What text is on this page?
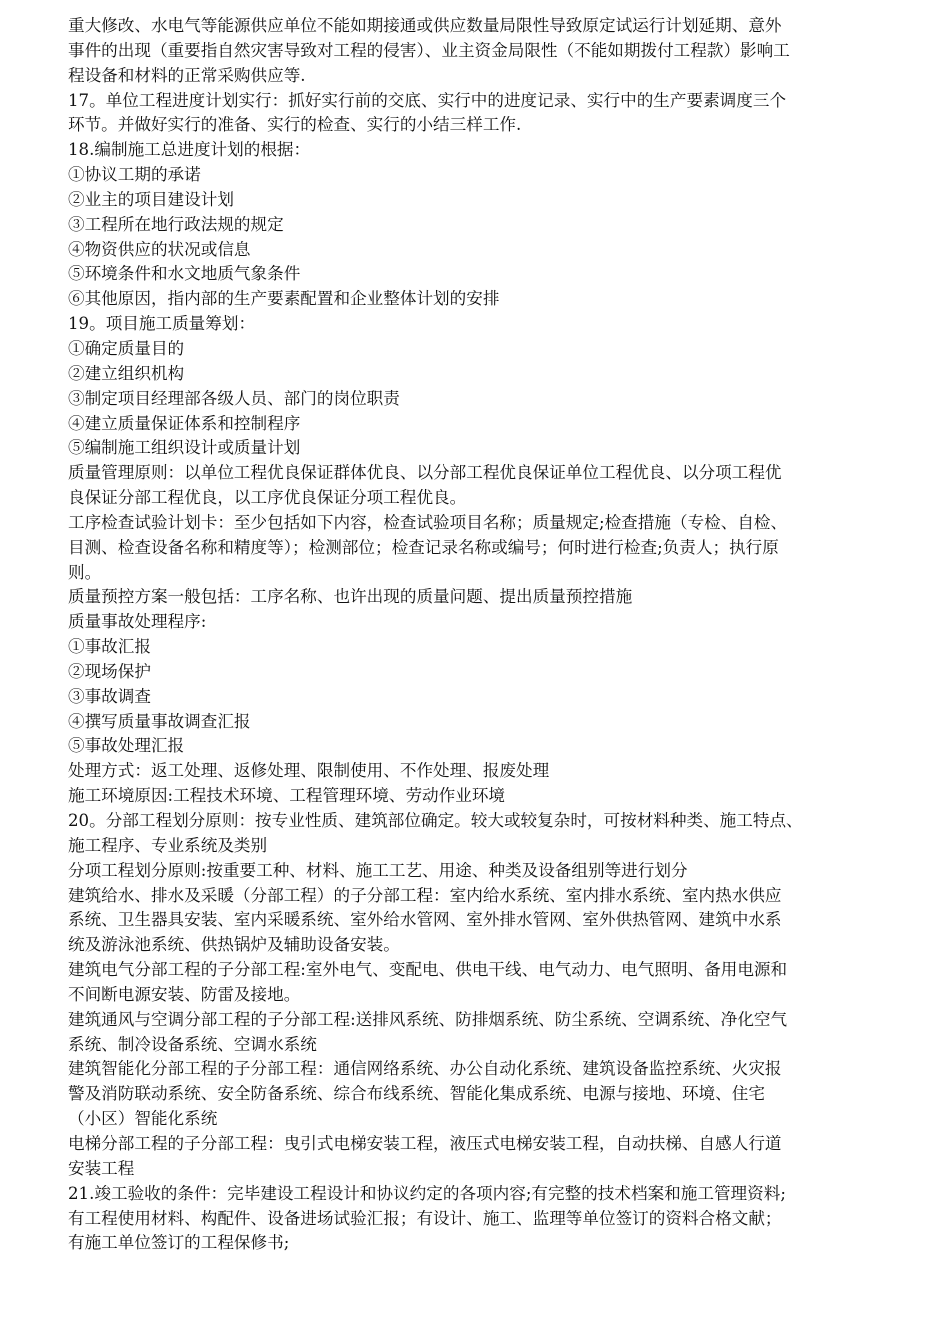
重大修改、水电气等能源供应单位不能如期接通或供应数量局限性导致原定试运行计划延期、意外

事件的出现（重要指自然灾害导致对工程的侵害）、业主资金局限性（不能如期拨付工程款）影响工

程设备和材料的正常采购供应等.

17。单位工程进度计划实行：抓好实行前的交底、实行中的进度记录、实行中的生产要素调度三个

环节。并做好实行的准备、实行的检查、实行的小结三样工作.

18.编制施工总进度计划的根据：

①协议工期的承诺

②业主的项目建设计划

③工程所在地行政法规的规定

④物资供应的状况或信息

⑤环境条件和水文地质气象条件

⑥其他原因，指内部的生产要素配置和企业整体计划的安排

19。项目施工质量筹划：

①确定质量目的

②建立组织机构

③制定项目经理部各级人员、部门的岗位职责

④建立质量保证体系和控制程序

⑤编制施工组织设计或质量计划

质量管理原则：以单位工程优良保证群体优良、以分部工程优良保证单位工程优良、以分项工程优

良保证分部工程优良，以工序优良保证分项工程优良。

工序检查试验计划卡：至少包括如下内容，检查试验项目名称；质量规定;检查措施（专检、自检、

目测、检查设备名称和精度等）；检测部位；检查记录名称或编号；何时进行检查;负责人；执行原

则。

质量预控方案一般包括：工序名称、也许出现的质量问题、提出质量预控措施

质量事故处理程序:

①事故汇报

②现场保护

③事故调查

④撰写质量事故调查汇报

⑤事故处理汇报

处理方式：返工处理、返修处理、限制使用、不作处理、报废处理

施工环境原因:工程技术环境、工程管理环境、劳动作业环境

20。分部工程划分原则：按专业性质、建筑部位确定。较大或较复杂时，可按材料种类、施工特点、

施工程序、专业系统及类别

分项工程划分原则:按重要工种、材料、施工工艺、用途、种类及设备组别等进行划分

建筑给水、排水及采暖（分部工程）的子分部工程：室内给水系统、室内排水系统、室内热水供应

系统、卫生器具安装、室内采暖系统、室外给水管网、室外排水管网、室外供热管网、建筑中水系

统及游泳池系统、供热锅炉及辅助设备安装。

建筑电气分部工程的子分部工程:室外电气、变配电、供电干线、电气动力、电气照明、备用电源和

不间断电源安装、防雷及接地。

建筑通风与空调分部工程的子分部工程:送排风系统、防排烟系统、防尘系统、空调系统、净化空气

系统、制冷设备系统、空调水系统

建筑智能化分部工程的子分部工程：通信网络系统、办公自动化系统、建筑设备监控系统、火灾报

警及消防联动系统、安全防备系统、综合布线系统、智能化集成系统、电源与接地、环境、住宅

（小区）智能化系统

电梯分部工程的子分部工程：曳引式电梯安装工程，液压式电梯安装工程，自动扶梯、自感人行道

安装工程

21.竣工验收的条件：完毕建设工程设计和协议约定的各项内容;有完整的技术档案和施工管理资料;

有工程使用材料、构配件、设备进场试验汇报；有设计、施工、监理等单位签订的资料合格文献；

有施工单位签订的工程保修书;
